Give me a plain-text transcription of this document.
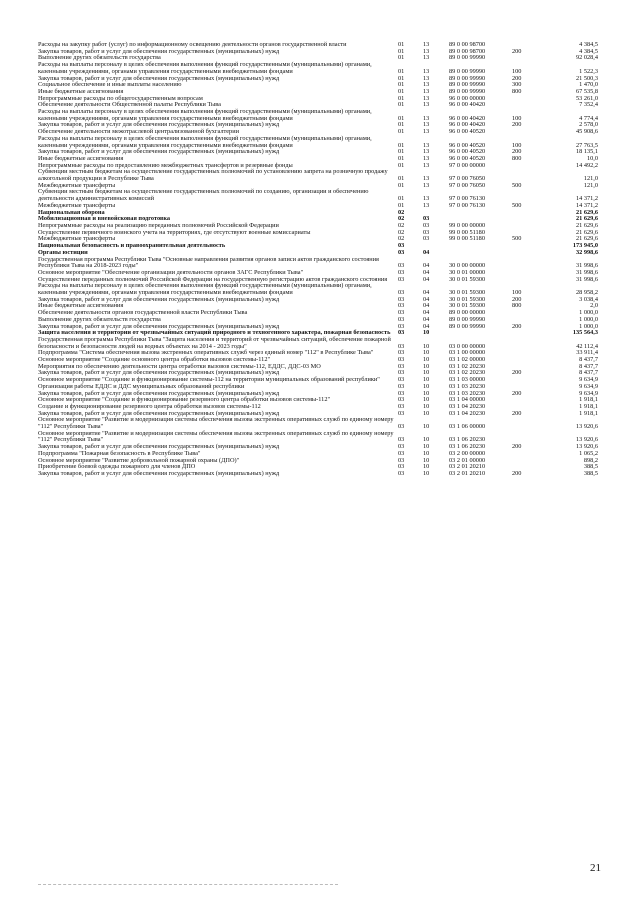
Расходы на закупку работ (услуг) по информационному освещению деятельности органов государственной власти	01	13	89 0 00 98700	4 384,5
Закупка товаров, работ и услуг для обеспечения государственных (муниципальных) нужд	01	13	89 0 00 98700	200	4 384,5
Выполнение других обязательств государства	01	13	89 0 00 99990	92 028,4
Расходы на выплаты персоналу в целях обеспечения выполнения функций государственными (муниципальными) органами, казенными учреждениями, органами управления государственными внебюджетными фондами	01	13	89 0 00 99990	100	1 522,3
Закупка товаров, работ и услуг для обеспечения государственных (муниципальных) нужд	01	13	89 0 00 99990	200	21 500,3
Социальное обеспечение и иные выплаты населению	01	13	89 0 00 99990	300	1 470,0
Иные бюджетные ассигнования	01	13	89 0 00 99990	800	67 535,8
Непрограммные расходы по общегосударственным вопросам	01	13	96 0 00 00000	53 261,0
Обеспечение деятельности Общественной палаты Республики Тыва	01	13	96 0 00 40420	7 352,4
Расходы на выплаты персоналу в целях обеспечения выполнения функций государственными (муниципальными) органами, казенными учреждениями, органами управления государственными внебюджетными фондами	01	13	96 0 00 40420	100	4 774,4
Закупка товаров, работ и услуг для обеспечения государственных (муниципальных) нужд	01	13	96 0 00 40420	200	2 578,0
Обеспечение деятельности межотраслевой централизованной бухгалтерии	01	13	96 0 00 40520	45 908,6
Расходы на выплаты персоналу в целях обеспечения выполнения функций государственными (муниципальными) органами, казенными учреждениями, органами управления государственными внебюджетными фондами	01	13	96 0 00 40520	100	27 763,5
Закупка товаров, работ и услуг для обеспечения государственных (муниципальных) нужд	01	13	96 0 00 40520	200	18 135,1
Иные бюджетные ассигнования	01	13	96 0 00 40520	800	10,0
Непрограммные расходы по предоставлению межбюджетных трансфертов и резервные фонды	01	13	97 0 00 00000	14 492,2
Субвенции местным бюджетам на осуществление государственных полномочий по установлению запрета на розничную продажу алкогольной продукции в Республике Тыва	01	13	97 0 00 76050	121,0
Межбюджетные трансферты	01	13	97 0 00 76050	500	121,0
Субвенции местным бюджетам на осуществление государственных полномочий по созданию, организации и обеспечению деятельности административных комиссий	01	13	97 0 00 76130	14 371,2
Межбюджетные трансферты	01	13	97 0 00 76130	500	14 371,2
Национальная оборона	02	21 629,6
Мобилизационная и вневойсковая подготовка	02	03	21 629,6
Непрограммные расходы на реализацию переданных полномочий Российской Федерации	02	03	99 0 00 00000	21 629,6
Осуществление первичного воинского учета на территориях, где отсутствуют военные комиссариаты	02	03	99 0 00 51180	21 629,6
Межбюджетные трансферты	02	03	99 0 00 51180	500	21 629,6
Национальная безопасность и правоохранительная деятельность	03	173 945,0
Органы юстиции	03	04	32 998,6
Государственная программа Республики Тыва "Основные направления развития органов записи актов гражданского состояния Республики Тыва на 2018-2023 годы"	03	04	30 0 00 00000	31 998,6
Основное мероприятие "Обеспечение организации деятельности органов ЗАГС Республики Тыва"	03	04	30 0 01 00000	31 998,6
Осуществление переданных полномочий Российской Федерации на государственную регистрацию актов гражданского состояния	03	04	30 0 01 59300	31 998,6
Расходы на выплаты персоналу в целях обеспечения выполнения функций государственными (муниципальными) органами, казенными учреждениями, органами управления государственными внебюджетными фондами	03	04	30 0 01 59300	100	28 958,2
Закупка товаров, работ и услуг для обеспечения государственных (муниципальных) нужд	03	04	30 0 01 59300	200	3 038,4
Иные бюджетные ассигнования	03	04	30 0 01 59300	800	2,0
Обеспечение деятельности органов государственной власти Республики Тыва	03	04	89 0 00 00000	1 000,0
Выполнение других обязательств государства	03	04	89 0 00 99990	1 000,0
Закупка товаров, работ и услуг для обеспечения государственных (муниципальных) нужд	03	04	89 0 00 99990	200	1 000,0
Защита населения и территории от чрезвычайных ситуаций природного и техногенного характера, пожарная безопасность	03	10	135 564,3
Государственная программа Республики Тыва "Защита населения и территорий от чрезвычайных ситуаций, обеспечение пожарной безопасности и безопасности людей на водных объектах на 2014 - 2023 годы"	03	10	03 0 00 00000	42 112,4
Подпрограмма "Система обеспечения вызова экстренных оперативных служб через единый номер "112" в Республике Тыва"	03	10	03 1 00 00000	33 911,4
Основное мероприятие "Создание основного центра обработки вызовов системы-112"	03	10	03 1 02 00000	8 437,7
Мероприятия по обеспечению деятельности центра отработки вызовов системы-112, ЕДДС, ДДС-03 МО	03	10	03 1 02 20230	8 437,7
Закупка товаров, работ и услуг для обеспечения государственных (муниципальных) нужд	03	10	03 1 02 20230	200	8 437,7
Основное мероприятие "Создание и функционирование системы-112 на территории муниципальных образований республики"	03	10	03 1 03 00000	9 634,9
Организация работы ЕДДС и ДДС муниципальных образований республики	03	10	03 1 03 20230	9 634,9
Закупка товаров, работ и услуг для обеспечения государственных (муниципальных) нужд	03	10	03 1 03 20230	200	9 634,9
Основное мероприятие "Создание и функционирование резервного центра обработки вызовов системы-112"	03	10	03 1 04 00000	1 918,1
Создание и функционирование резервного центра обработки вызовов системы-112	03	10	03 1 04 20230	1 918,1
Закупка товаров, работ и услуг для обеспечения государственных (муниципальных) нужд	03	10	03 1 04 20230	200	1 918,1
Основное мероприятие "Развитие и модернизация системы обеспечения вызова экстренных оперативных служб по единому номеру "112" Республики Тыва"	03	10	03 1 06 00000	13 920,6
Основное мероприятие "Развитие и модернизация системы обеспечения вызова экстренных оперативных служб по единому номеру "112" Республики Тыва"	03	10	03 1 06 20230	13 920,6
Закупка товаров, работ и услуг для обеспечения государственных (муниципальных) нужд	03	10	03 1 06 20230	200	13 920,6
Подпрограмма "Пожарная безопасность в Республике Тыва"	03	10	03 2 00 00000	1 065,2
Основное мероприятие "Развитие добровольной пожарной охраны (ДПО)"	03	10	03 2 01 00000	898,2
Приобретение боевой одежды пожарного для членов ДПО	03	10	03 2 01 20210	388,5
Закупка товаров, работ и услуг для обеспечения государственных (муниципальных) нужд	03	10	03 2 01 20210	200	388,5
21
